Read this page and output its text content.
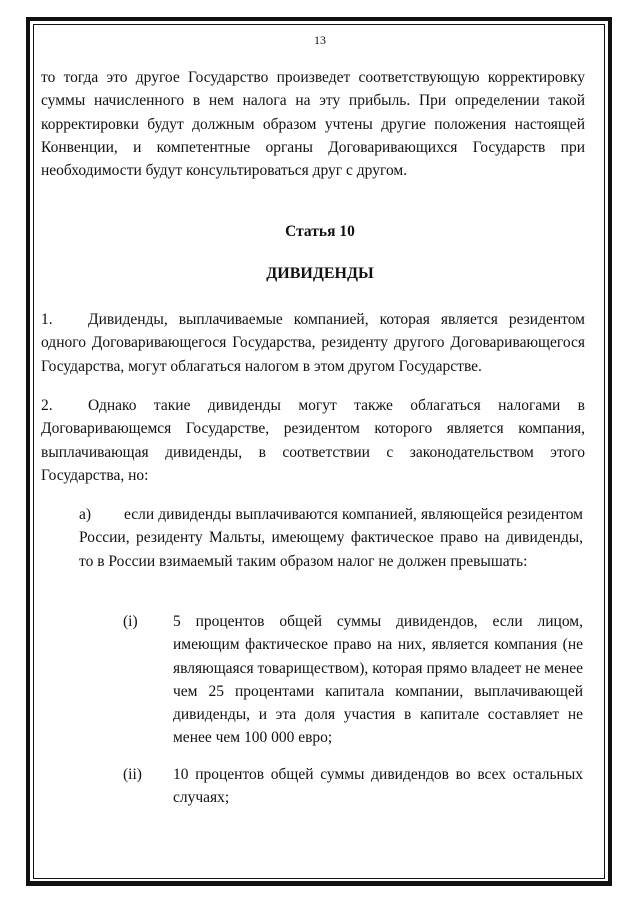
13

то тогда это другое Государство произведет соответствующую корректировку суммы начисленного в нем налога на эту прибыль. При определении такой корректировки будут должным образом учтены другие положения настоящей Конвенции, и компетентные органы Договаривающихся Государств при необходимости будут консультироваться друг с другом.

Статья 10
ДИВИДЕНДЫ
1.	Дивиденды, выплачиваемые компанией, которая является резидентом одного Договаривающегося Государства, резиденту другого Договаривающегося Государства, могут облагаться налогом в этом другом Государстве.

2.	Однако такие дивиденды могут также облагаться налогами в Договаривающемся Государстве, резидентом которого является компания, выплачивающая дивиденды, в соответствии с законодательством этого Государства, но:

a)	если дивиденды выплачиваются компанией, являющейся резидентом России, резиденту Мальты, имеющему фактическое право на дивиденды, то в России взимаемый таким образом налог не должен превышать:

(i) 5 процентов общей суммы дивидендов, если лицом, имеющим фактическое право на них, является компания (не являющаяся товариществом), которая прямо владеет не менее чем 25 процентами капитала компании, выплачивающей дивиденды, и эта доля участия в капитале составляет не менее чем 100 000 евро;

(ii) 10 процентов общей суммы дивидендов во всех остальных случаях;
